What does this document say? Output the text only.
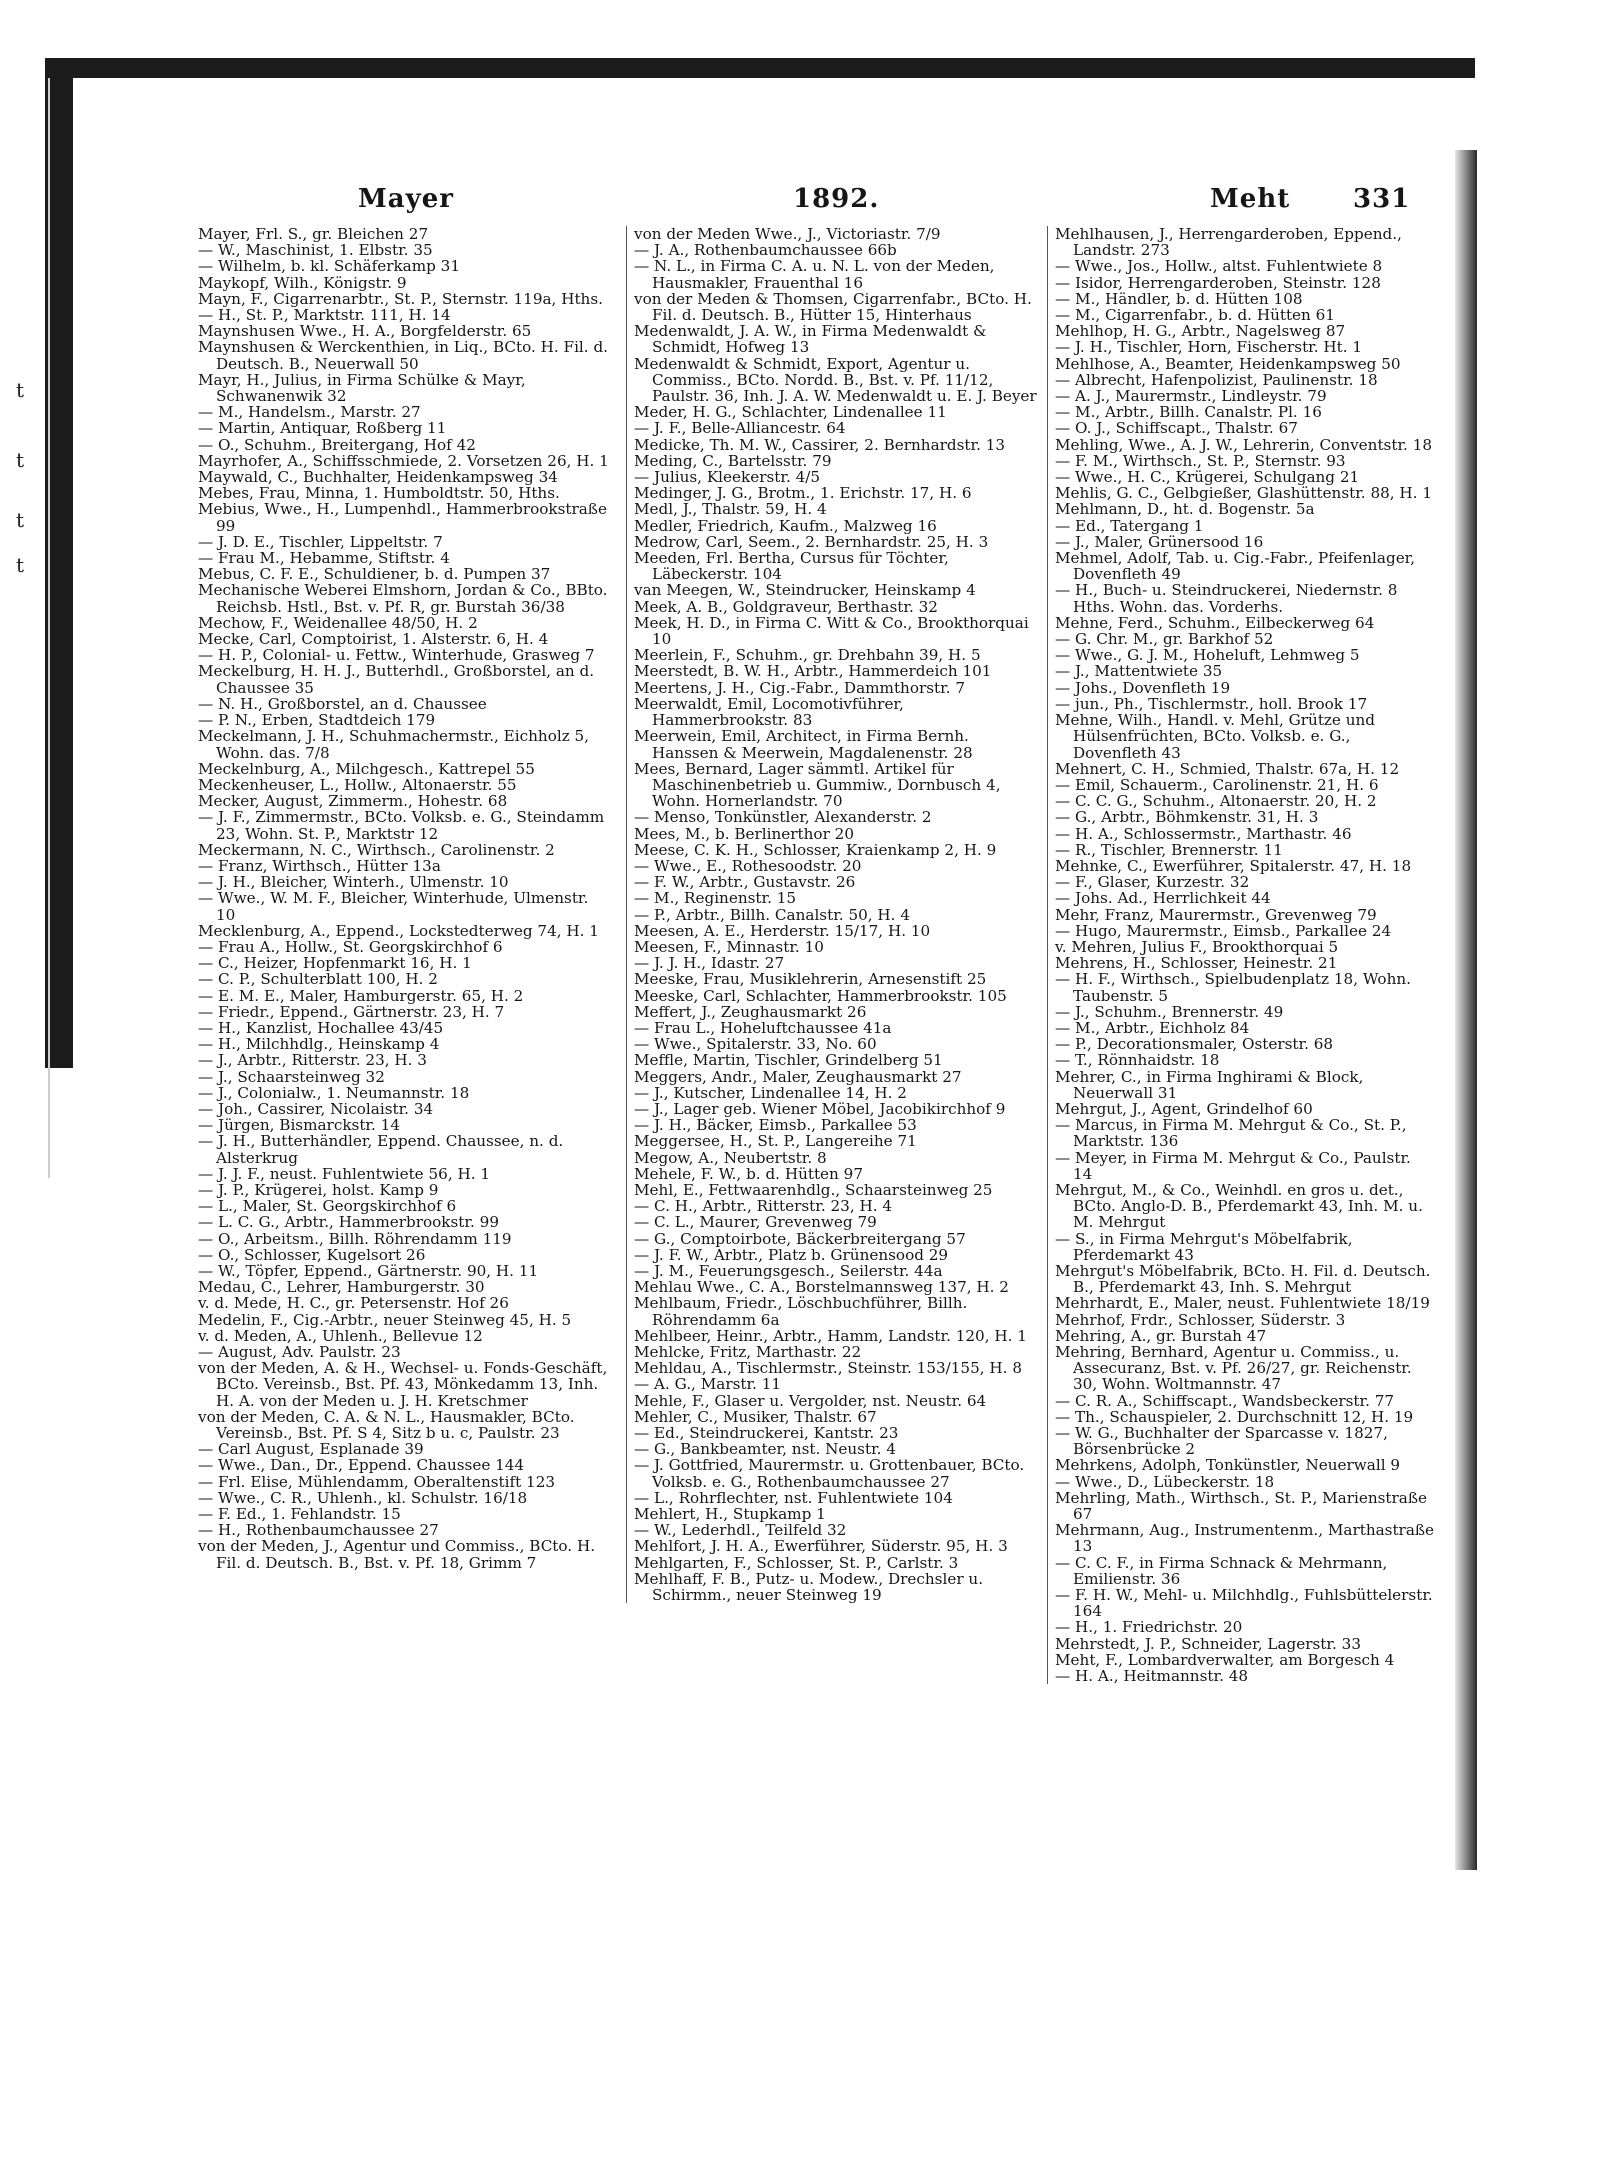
t
t
t
t
Mayer	1892.	Meht 331

Mayer, Frl. S., gr. Bleichen 27

— W., Maschinist, 1. Elbstr. 35

— Wilhelm, b. kl. Schäferkamp 31

Maykopf, Wilh., Königstr. 9

Mayn, F., Cigarrenarbtr., St. P., Sternstr. 119a, Hths.

— H., St. P., Marktstr. 111, H. 14

Maynshusen Wwe., H. A., Borgfelderstr. 65

Maynshusen & Werckenthien, in Liq., BCto. H. Fil. d. Deutsch. B., Neuerwall 50

Mayr, H., Julius, in Firma Schülke & Mayr, Schwanenwik 32

— M., Handelsm., Marstr. 27

— Martin, Antiquar, Roßberg 11

— O., Schuhm., Breitergang, Hof 42

Mayrhofer, A., Schiffsschmiede, 2. Vorsetzen 26, H. 1

Maywald, C., Buchhalter, Heidenkampsweg 34

Mebes, Frau, Minna, 1. Humboldtstr. 50, Hths.

Mebius, Wwe., H., Lumpenhdl., Hammerbrookstraße 99

— J. D. E., Tischler, Lippeltstr. 7

— Frau M., Hebamme, Stiftstr. 4

Mebus, C. F. E., Schuldiener, b. d. Pumpen 37

Mechanische Weberei Elmshorn, Jordan & Co., BBto. Reichsb. Hstl., Bst. v. Pf. R, gr. Burstah 36/38

Mechow, F., Weidenallee 48/50, H. 2

Mecke, Carl, Comptoirist, 1. Alsterstr. 6, H. 4

— H. P., Colonial- u. Fettw., Winterhude, Grasweg 7

Meckelburg, H. H. J., Butterhdl., Großborstel, an d. Chaussee 35

— N. H., Großborstel, an d. Chaussee

— P. N., Erben, Stadtdeich 179

Meckelmann, J. H., Schuhmachermstr., Eichholz 5, Wohn. das. 7/8

Meckelnburg, A., Milchgesch., Kattrepel 55

Meckenheuser, L., Hollw., Altonaerstr. 55

Mecker, August, Zimmerm., Hohestr. 68

— J. F., Zimmermstr., BCto. Volksb. e. G., Steindamm 23, Wohn. St. P., Marktstr 12

Meckermann, N. C., Wirthsch., Carolinenstr. 2

— Franz, Wirthsch., Hütter 13a

— J. H., Bleicher, Winterh., Ulmenstr. 10

— Wwe., W. M. F., Bleicher, Winterhude, Ulmenstr. 10

Mecklenburg, A., Eppend., Lockstedterweg 74, H. 1

— Frau A., Hollw., St. Georgskirchhof 6

— C., Heizer, Hopfenmarkt 16, H. 1

— C. P., Schulterblatt 100, H. 2

— E. M. E., Maler, Hamburgerstr. 65, H. 2

— Friedr., Eppend., Gärtnerstr. 23, H. 7

— H., Kanzlist, Hochallee 43/45

— H., Milchhdlg., Heinskamp 4

— J., Arbtr., Ritterstr. 23, H. 3

— J., Schaarsteinweg 32

— J., Colonialw., 1. Neumannstr. 18

— Joh., Cassirer, Nicolaistr. 34

— Jürgen, Bismarckstr. 14

— J. H., Butterhändler, Eppend. Chaussee, n. d. Alsterkrug

— J. J. F., neust. Fuhlentwiete 56, H. 1

— J. P., Krügerei, holst. Kamp 9

— L., Maler, St. Georgskirchhof 6

— L. C. G., Arbtr., Hammerbrookstr. 99

— O., Arbeitsm., Billh. Röhrendamm 119

— O., Schlosser, Kugelsort 26

— W., Töpfer, Eppend., Gärtnerstr. 90, H. 11

Medau, C., Lehrer, Hamburgerstr. 30

v. d. Mede, H. C., gr. Petersenstr. Hof 26

Medelin, F., Cig.-Arbtr., neuer Steinweg 45, H. 5

v. d. Meden, A., Uhlenh., Bellevue 12

— August, Adv. Paulstr. 23

von der Meden, A. & H., Wechsel- u. Fonds-Geschäft, BCto. Vereinsb., Bst. Pf. 43, Mönkedamm 13, Inh. H. A. von der Meden u. J. H. Kretschmer

von der Meden, C. A. & N. L., Hausmakler, BCto. Vereinsb., Bst. Pf. S 4, Sitz b u. c, Paulstr. 23

— Carl August, Esplanade 39

— Wwe., Dan., Dr., Eppend. Chaussee 144

— Frl. Elise, Mühlendamm, Oberaltenstift 123

— Wwe., C. R., Uhlenh., kl. Schulstr. 16/18

— F. Ed., 1. Fehlandstr. 15

— H., Rothenbaumchaussee 27

von der Meden, J., Agentur und Commiss., BCto. H. Fil. d. Deutsch. B., Bst. v. Pf. 18, Grimm 7

von der Meden Wwe., J., Victoriastr. 7/9

— J. A., Rothenbaumchaussee 66b

— N. L., in Firma C. A. u. N. L. von der Meden, Hausmakler, Frauenthal 16

von der Meden & Thomsen, Cigarrenfabr., BCto. H. Fil. d. Deutsch. B., Hütter 15, Hinterhaus

Medenwaldt, J. A. W., in Firma Medenwaldt & Schmidt, Hofweg 13

Medenwaldt & Schmidt, Export, Agentur u. Commiss., BCto. Nordd. B., Bst. v. Pf. 11/12, Paulstr. 36, Inh. J. A. W. Medenwaldt u. E. J. Beyer

Meder, H. G., Schlachter, Lindenallee 11

— J. F., Belle-Alliancestr. 64

Medicke, Th. M. W., Cassirer, 2. Bernhardstr. 13

Meding, C., Bartelsstr. 79

— Julius, Kleekerstr. 4/5

Medinger, J. G., Brotm., 1. Erichstr. 17, H. 6

Medl, J., Thalstr. 59, H. 4

Medler, Friedrich, Kaufm., Malzweg 16

Medrow, Carl, Seem., 2. Bernhardstr. 25, H. 3

Meeden, Frl. Bertha, Cursus für Töchter, Läbeckerstr. 104

van Meegen, W., Steindrucker, Heinskamp 4

Meek, A. B., Goldgraveur, Berthastr. 32

Meek, H. D., in Firma C. Witt & Co., Brookthorquai 10

Meerlein, F., Schuhm., gr. Drehbahn 39, H. 5

Meerstedt, B. W. H., Arbtr., Hammerdeich 101

Meertens, J. H., Cig.-Fabr., Dammthorstr. 7

Meerwaldt, Emil, Locomotivführer, Hammerbrookstr. 83

Meerwein, Emil, Architect, in Firma Bernh. Hanssen & Meerwein, Magdalenenstr. 28

Mees, Bernard, Lager sämmtl. Artikel für Maschinenbetrieb u. Gummiw., Dornbusch 4, Wohn. Hornerlandstr. 70

— Menso, Tonkünstler, Alexanderstr. 2

Mees, M., b. Berlinerthor 20

Meese, C. K. H., Schlosser, Kraienkamp 2, H. 9

— Wwe., E., Rothesoodstr. 20

— F. W., Arbtr., Gustavstr. 26

— M., Reginenstr. 15

— P., Arbtr., Billh. Canalstr. 50, H. 4

Meesen, A. E., Herderstr. 15/17, H. 10

Meesen, F., Minnastr. 10

— J. J. H., Idastr. 27

Meeske, Frau, Musiklehrerin, Arnesenstift 25

Meeske, Carl, Schlachter, Hammerbrookstr. 105

Meffert, J., Zeughausmarkt 26

— Frau L., Hoheluftchaussee 41a

— Wwe., Spitalerstr. 33, No. 60

Meffle, Martin, Tischler, Grindelberg 51

Meggers, Andr., Maler, Zeughausmarkt 27

— J., Kutscher, Lindenallee 14, H. 2

— J., Lager geb. Wiener Möbel, Jacobikirchhof 9

— J. H., Bäcker, Eimsb., Parkallee 53

Meggersee, H., St. P., Langereihe 71

Megow, A., Neubertstr. 8

Mehele, F. W., b. d. Hütten 97

Mehl, E., Fettwaarenhdlg., Schaarsteinweg 25

— C. H., Arbtr., Ritterstr. 23, H. 4

— C. L., Maurer, Grevenweg 79

— G., Comptoirbote, Bäckerbreitergang 57

— J. F. W., Arbtr., Platz b. Grünensood 29

— J. M., Feuerungsgesch., Seilerstr. 44a

Mehlau Wwe., C. A., Borstelmannsweg 137, H. 2

Mehlbaum, Friedr., Löschbuchführer, Billh. Röhrendamm 6a

Mehlbeer, Heinr., Arbtr., Hamm, Landstr. 120, H. 1

Mehlcke, Fritz, Marthastr. 22

Mehldau, A., Tischlermstr., Steinstr. 153/155, H. 8

— A. G., Marstr. 11

Mehle, F., Glaser u. Vergolder, nst. Neustr. 64

Mehler, C., Musiker, Thalstr. 67

— Ed., Steindruckerei, Kantstr. 23

— G., Bankbeamter, nst. Neustr. 4

— J. Gottfried, Maurermstr. u. Grottenbauer, BCto. Volksb. e. G., Rothenbaumchaussee 27

— L., Rohrflechter, nst. Fuhlentwiete 104

Mehlert, H., Stupkamp 1

— W., Lederhdl., Teilfeld 32

Mehlfort, J. H. A., Ewerführer, Süderstr. 95, H. 3

Mehlgarten, F., Schlosser, St. P., Carlstr. 3

Mehlhaff, F. B., Putz- u. Modew., Drechsler u. Schirmm., neuer Steinweg 19

Mehlhausen, J., Herrengarderoben, Eppend., Landstr. 273

— Wwe., Jos., Hollw., altst. Fuhlentwiete 8

— Isidor, Herrengarderoben, Steinstr. 128

— M., Händler, b. d. Hütten 108

— M., Cigarrenfabr., b. d. Hütten 61

Mehlhop, H. G., Arbtr., Nagelsweg 87

— J. H., Tischler, Horn, Fischerstr. Ht. 1

Mehlhose, A., Beamter, Heidenkampsweg 50

— Albrecht, Hafenpolizist, Paulinenstr. 18

— A. J., Maurermstr., Lindleystr. 79

— M., Arbtr., Billh. Canalstr. Pl. 16

— O. J., Schiffscapt., Thalstr. 67

Mehling, Wwe., A. J. W., Lehrerin, Conventstr. 18

— F. M., Wirthsch., St. P., Sternstr. 93

— Wwe., H. C., Krügerei, Schulgang 21

Mehlis, G. C., Gelbgießer, Glashüttenstr. 88, H. 1

Mehlmann, D., ht. d. Bogenstr. 5a

— Ed., Tatergang 1

— J., Maler, Grünersood 16

Mehmel, Adolf, Tab. u. Cig.-Fabr., Pfeifenlager, Dovenfleth 49

— H., Buch- u. Steindruckerei, Niedernstr. 8 Hths. Wohn. das. Vorderhs.

Mehne, Ferd., Schuhm., Eilbeckerweg 64

— G. Chr. M., gr. Barkhof 52

— Wwe., G. J. M., Hoheluft, Lehmweg 5

— J., Mattentwiete 35

— Johs., Dovenfleth 19

— jun., Ph., Tischlermstr., holl. Brook 17

Mehne, Wilh., Handl. v. Mehl, Grütze und Hülsenfrüchten, BCto. Volksb. e. G., Dovenfleth 43

Mehnert, C. H., Schmied, Thalstr. 67a, H. 12

— Emil, Schauerm., Carolinenstr. 21, H. 6

— C. C. G., Schuhm., Altonaerstr. 20, H. 2

— G., Arbtr., Böhmkenstr. 31, H. 3

— H. A., Schlossermstr., Marthastr. 46

— R., Tischler, Brennerstr. 11

Mehnke, C., Ewerführer, Spitalerstr. 47, H. 18

— F., Glaser, Kurzestr. 32

— Johs. Ad., Herrlichkeit 44

Mehr, Franz, Maurermstr., Grevenweg 79

— Hugo, Maurermstr., Eimsb., Parkallee 24

v. Mehren, Julius F., Brookthorquai 5

Mehrens, H., Schlosser, Heinestr. 21

— H. F., Wirthsch., Spielbudenplatz 18, Wohn. Taubenstr. 5

— J., Schuhm., Brennerstr. 49

— M., Arbtr., Eichholz 84

— P., Decorationsmaler, Osterstr. 68

— T., Rönnhaidstr. 18

Mehrer, C., in Firma Inghirami & Block, Neuerwall 31

Mehrgut, J., Agent, Grindelhof 60

— Marcus, in Firma M. Mehrgut & Co., St. P., Marktstr. 136

— Meyer, in Firma M. Mehrgut & Co., Paulstr. 14

Mehrgut, M., & Co., Weinhdl. en gros u. det., BCto. Anglo-D. B., Pferdemarkt 43, Inh. M. u. M. Mehrgut

— S., in Firma Mehrgut's Möbelfabrik, Pferdemarkt 43

Mehrgut's Möbelfabrik, BCto. H. Fil. d. Deutsch. B., Pferdemarkt 43, Inh. S. Mehrgut

Mehrhardt, E., Maler, neust. Fuhlentwiete 18/19

Mehrhof, Frdr., Schlosser, Süderstr. 3

Mehring, A., gr. Burstah 47

Mehring, Bernhard, Agentur u. Commiss., u. Assecuranz, Bst. v. Pf. 26/27, gr. Reichenstr. 30, Wohn. Woltmannstr. 47

— C. R. A., Schiffscapt., Wandsbeckerstr. 77

— Th., Schauspieler, 2. Durchschnitt 12, H. 19

— W. G., Buchhalter der Sparcasse v. 1827, Börsenbrücke 2

Mehrkens, Adolph, Tonkünstler, Neuerwall 9

— Wwe., D., Lübeckerstr. 18

Mehrling, Math., Wirthsch., St. P., Marienstraße 67

Mehrmann, Aug., Instrumentenm., Marthastraße 13

— C. C. F., in Firma Schnack & Mehrmann, Emilienstr. 36

— F. H. W., Mehl- u. Milchhdlg., Fuhlsbüttelerstr. 164

— H., 1. Friedrichstr. 20

Mehrstedt, J. P., Schneider, Lagerstr. 33

Meht, F., Lombardverwalter, am Borgesch 4

— H. A., Heitmannstr. 48
